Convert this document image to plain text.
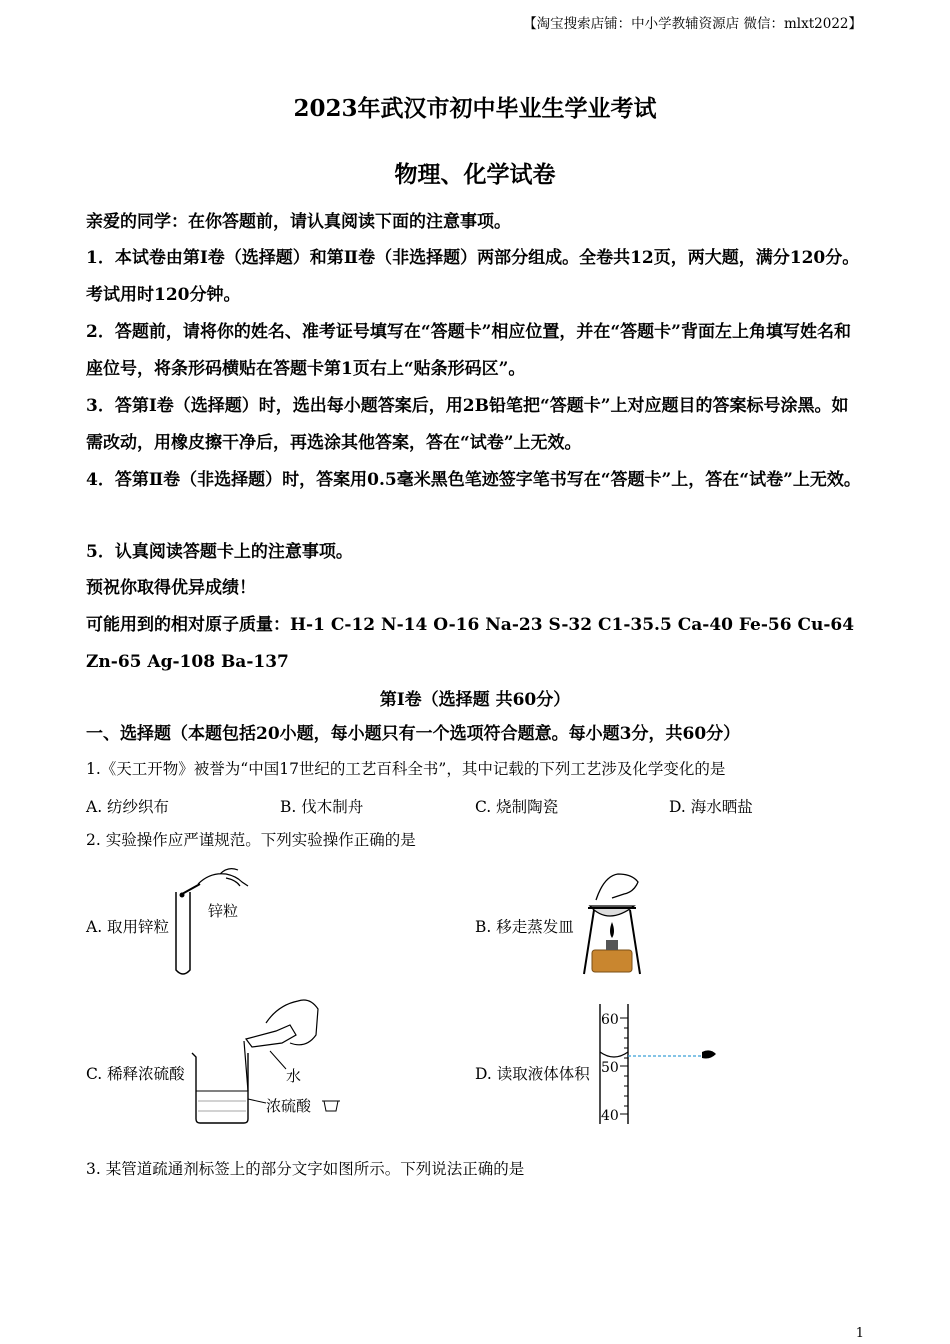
【淘宝搜索店铺：中小学教辅资源店 微信：mlxt2022】
2023年武汉市初中毕业生学业考试
物理、化学试卷
亲爱的同学：在你答题前，请认真阅读下面的注意事项。
1．本试卷由第Ⅰ卷（选择题）和第Ⅱ卷（非选择题）两部分组成。全卷共12页，两大题，满分120分。考试用时120分钟。
2．答题前，请将你的姓名、准考证号填写在“答题卡”相应位置，并在“答题卡”背面左上角填写姓名和座位号，将条形码横贴在答题卡第1页右上“贴条形码区”。
3．答第Ⅰ卷（选择题）时，选出每小题答案后，用2B铅笔把“答题卡”上对应题目的答案标号涂黑。如需改动，用橡皮擦干净后，再选涂其他答案，答在“试卷”上无效。
4．答第Ⅱ卷（非选择题）时，答案用0.5毫米黑色笔迹签字笔书写在“答题卡”上，答在“试卷”上无效。
5．认真阅读答题卡上的注意事项。
预祝你取得优异成绩！
可能用到的相对原子质量：H-1 C-12 N-14 O-16 Na-23 S-32 C1-35.5 Ca-40 Fe-56 Cu-64 Zn-65 Ag-108 Ba-137
第Ⅰ卷（选择题 共60分）
一、选择题（本题包括20小题，每小题只有一个选项符合题意。每小题3分，共60分）
1.《天工开物》被誉为“中国17世纪的工艺百科全书”，其中记载的下列工艺涉及化学变化的是
A. 纺纱织布	B. 伐木制舟	C. 烧制陶瓷	D. 海水晒盐
2. 实验操作应严谨规范。下列实验操作正确的是
A. 取用锌粒
锌粒
B. 移走蒸发皿
C. 稀释浓硫酸	水
浓硫酸
D. 读取液体体积
60
50
40
3. 某管道疏通剂标签上的部分文字如图所示。下列说法正确的是
1
